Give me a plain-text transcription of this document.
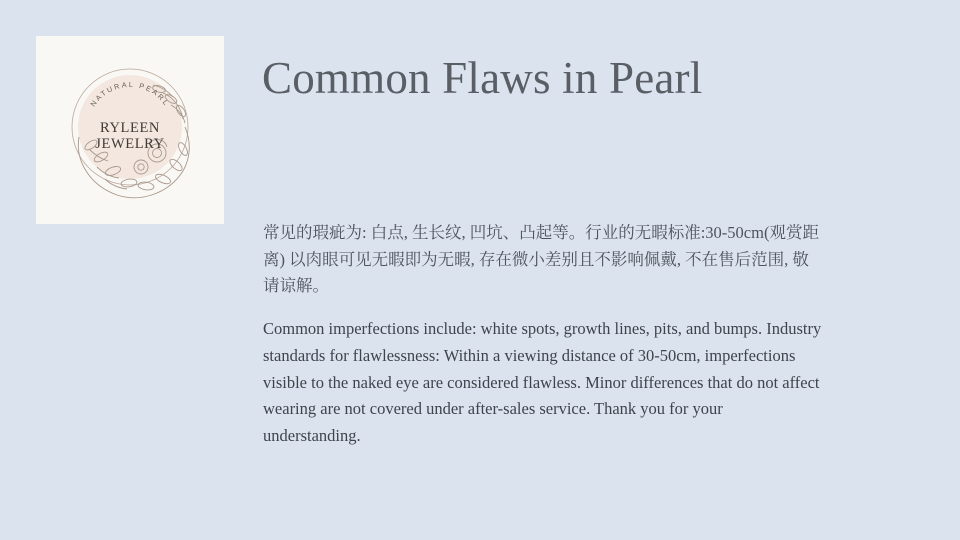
NATURAL PEARL
RYLEEN
JEWELRY
Common Flaws in Pearl

常见的瑕疵为: 白点, 生长纹, 凹坑、凸起等。行业的无暇标准:30-50cm(观赏距离) 以肉眼可见无暇即为无暇, 存在微小差别且不影响佩戴, 不在售后范围, 敬请谅解。

Common imperfections include: white spots, growth lines, pits, and bumps. Industry standards for flawlessness: Within a viewing distance of 30-50cm, imperfections visible to the naked eye are considered flawless. Minor differences that do not affect wearing are not covered under after-sales service. Thank you for your understanding.
